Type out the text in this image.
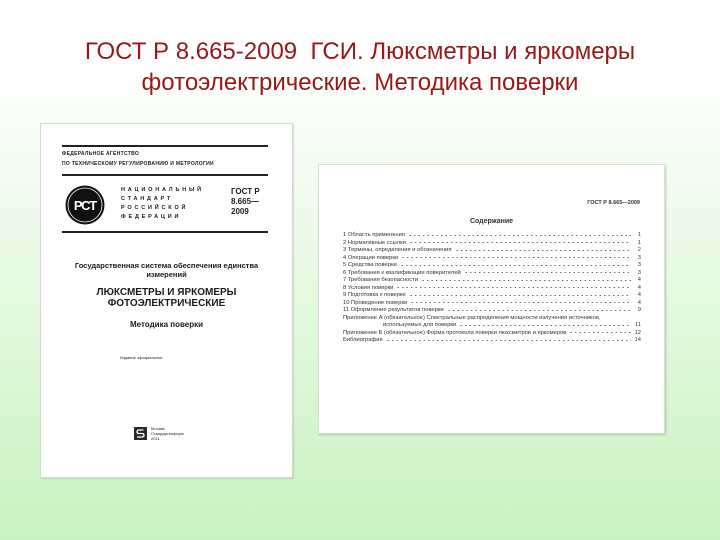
ГОСТ Р 8.665-2009  ГСИ. Люксметры и яркомеры
фотоэлектрические. Методика поверки
ФЕДЕРАЛЬНОЕ АГЕНТСТВО
ПО ТЕХНИЧЕСКОМУ РЕГУЛИРОВАНИЮ И МЕТРОЛОГИИ
РСТ
НАЦИОНАЛЬНЫЙ
СТАНДАРТ
РОССИЙСКОЙ
ФЕДЕРАЦИИ
ГОСТ Р
8.665—
2009
Государственная система обеспечения единства
измерений
ЛЮКСМЕТРЫ И ЯРКОМЕРЫ
ФОТОЭЛЕКТРИЧЕСКИЕ
Методика поверки
Издание официальное
Москва
Стандартинформ
2011
ГОСТ Р 8.665—2009
Содержание
1 Область применения	1
2 Нормативные ссылки	1
3 Термины, определения и обозначения	2
4 Операции поверки	3
5 Средства поверки	3
6 Требования к квалификации поверителей	3
7 Требования безопасности	4
8 Условия поверки	4
9 Подготовка к поверке	4
10 Проведение поверки	4
11 Оформление результатов поверки	9
Приложение А (обязательное) Спектральные распределения мощности излучения источников,
используемых для поверки	11
Приложение Б (обязательное) Форма протокола поверки люксметров и яркомеров	12
Библиография	14
